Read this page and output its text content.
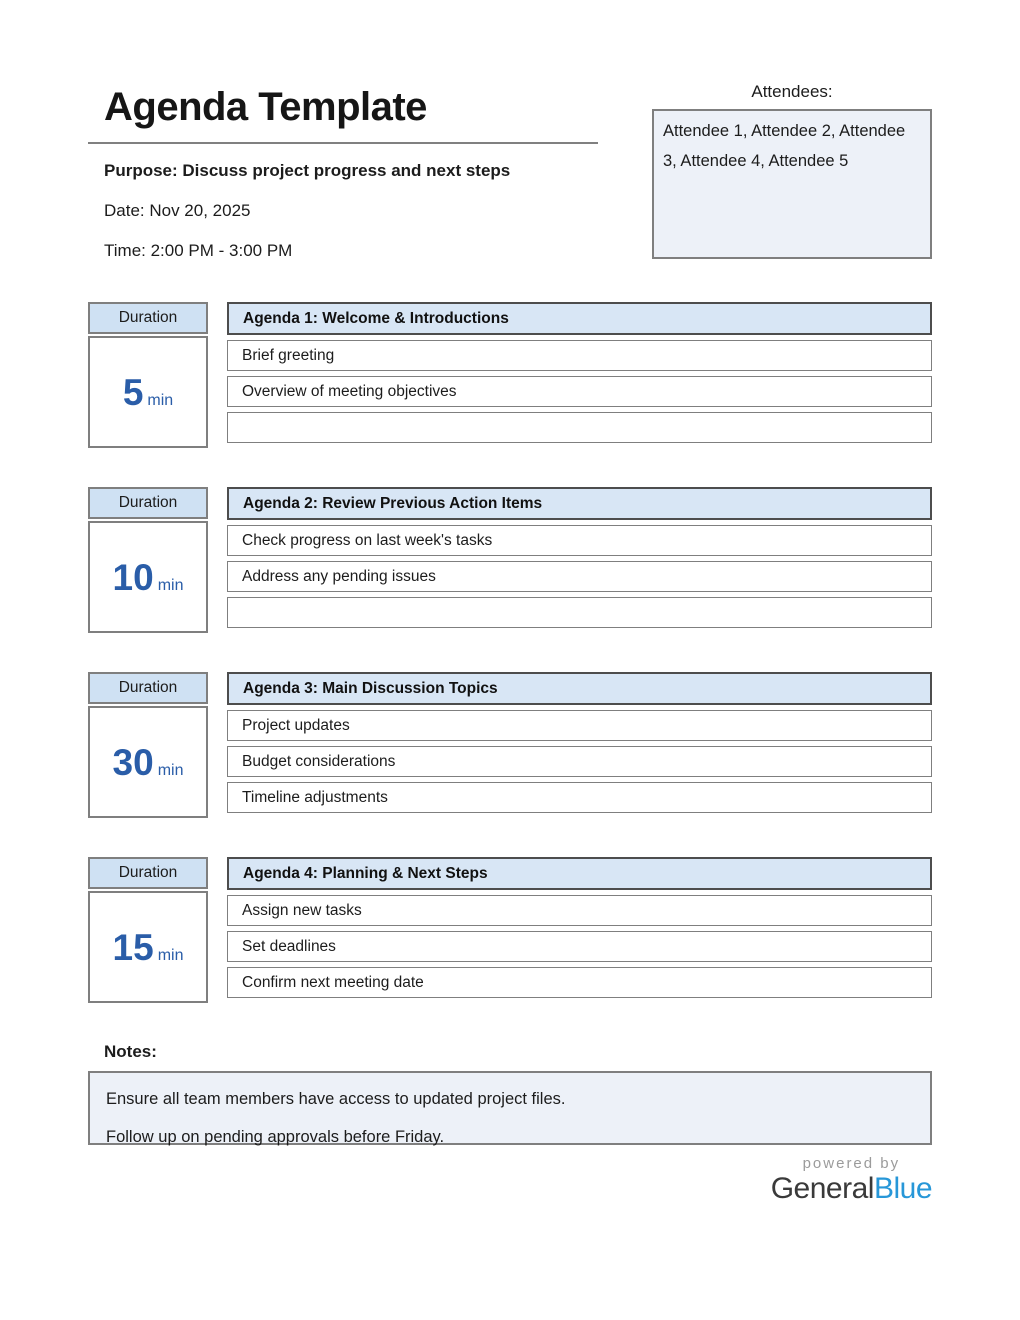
Agenda Template
Purpose: Discuss project progress and next steps
Date: Nov 20, 2025
Time: 2:00 PM - 3:00 PM
Attendees:
Attendee 1, Attendee 2, Attendee 3, Attendee 4, Attendee 5
Duration
5 min
Agenda 1: Welcome & Introductions
Brief greeting
Overview of meeting objectives
Duration
10 min
Agenda 2: Review Previous Action Items
Check progress on last week's tasks
Address any pending issues
Duration
30 min
Agenda 3: Main Discussion Topics
Project updates
Budget considerations
Timeline adjustments
Duration
15 min
Agenda 4: Planning & Next Steps
Assign new tasks
Set deadlines
Confirm next meeting date
Notes:
Ensure all team members have access to updated project files.
Follow up on pending approvals before Friday.
powered by
GeneralBlue
